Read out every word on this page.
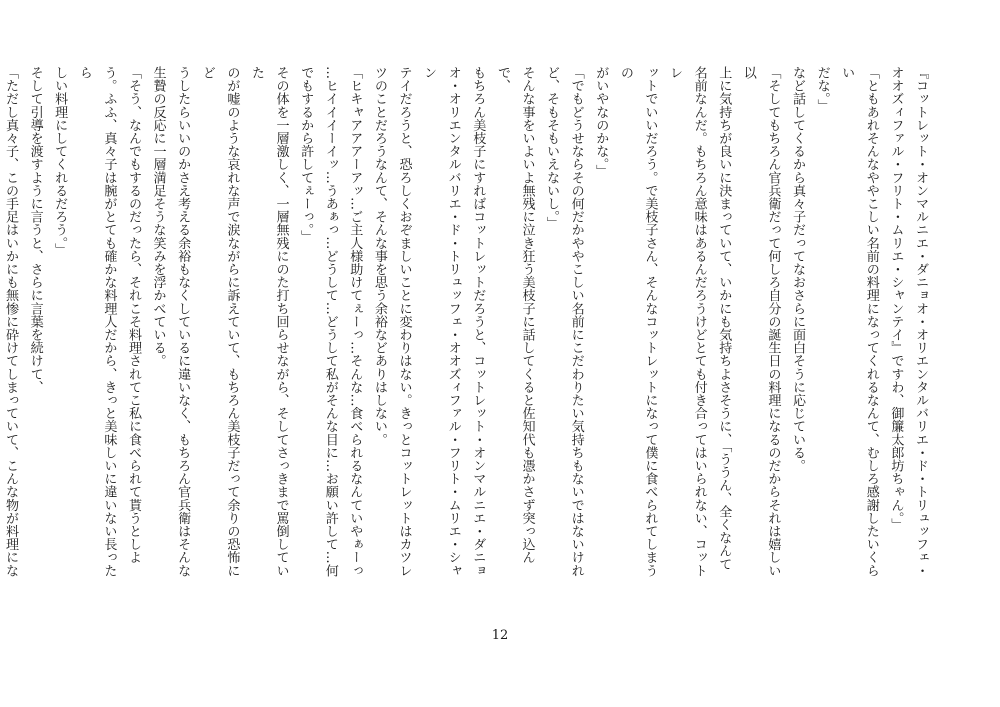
『コットレット・オンマルニエ・ダニョオ・オリエンタルバリエ・ド・トリュッフェ・

オオズィファル・フリト・ムリエ・シャンテイ』ですわ、御簾太郎坊ちゃん。」

「ともあれそんなややこしい名前の料理になってくれるなんて、むしろ感謝したいくらい

だな。」

など話してくるから真々子だってなおさらに面白そうに応じている。

「そしてもちろん官兵衛だって何しろ自分の誕生日の料理になるのだからそれは嬉しい以

上に気持ちが良いに決まっていて、いかにも気持ちよさそうに、「ううん、全くなんて

名前なんだ。もちろん意味はあるんだろうけどとても付き合ってはいられない、コットレ

ットでいいだろう。で美枝子さん、そんなコットレットになって僕に食べられてしまうの

がいやなのかな。」

「でもどうせならその何だかややこしい名前にこだわりたい気持ちもないではないけれ

ど、そもそもいえないし。」

そんな事をいよいよ無残に泣き狂う美枝子に話してくると佐知代も憑かさず突っ込んで、

もちろん美枝子にすればコットレットだろうと、コットレット・オンマルニエ・ダニョ

オ・オリエンタルバリエ・ド・トリュッフェ・オオズィファル・フリト・ムリエ・シャン

テイだろうと、恐ろしくおぞましいことに変わりはない。きっとコットレットはカツレ

ツのことだろうなんて、そんな事を思う余裕などありはしない。

「ヒキャアアアーアッ…ご主人様助けてぇーっ…そんな…食べられるなんていやぁーっ

…ヒイイイーイッ…うあぁっ…どうして…どうして私がそんな目に…お願い許して…何

でもするから許してぇーっ。」

その体を一層激しく、一層無残にのた打ち回らせながら、そしてさっきまで罵倒していた

のが嘘のような哀れな声で涙ながらに訴えていて、もちろん美枝子だって余りの恐怖にど

うしたらいいのかさえ考える余裕もなくしているに違いなく、もちろん官兵衛はそんな

生贄の反応に一層満足そうな笑みを浮かべている。

「そう、なんでもするのだったら、それこそ料理されてこ私に食べられて貰うとしよ

う。ふふ、真々子は腕がとても確かな料理人だから、きっと美味しいに違いない長ったら

しい料理にしてくれるだろう。」

そして引導を渡すように言うと、さらに言葉を続けて、

「ただし真々子、この手足はいかにも無惨に砕けてしまっていて、こんな物が料理にな

12
